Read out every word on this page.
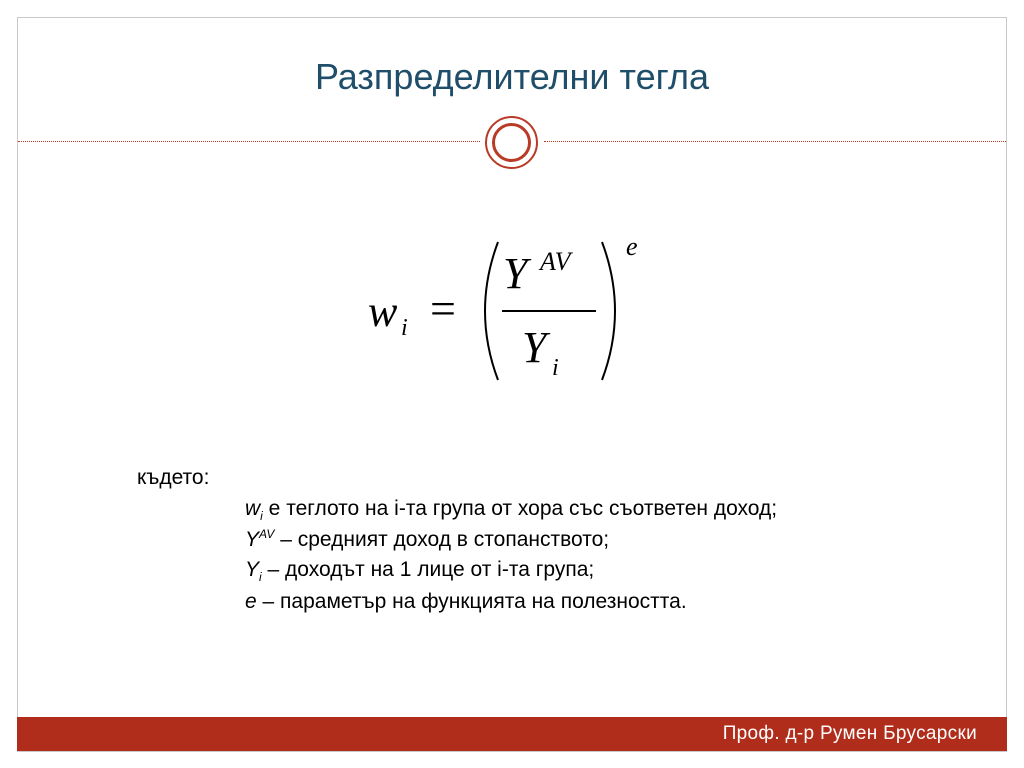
Разпределителни тегла
w i =
Y AV
Y i
e
където:
$w_i$ е теглото на i-та група от хора със съответен доход;
$Y^{AV}$ – средният доход в стопанството;
$Y_i$ – доходът на 1 лице от i-та група;
e – параметър на функцията на полезността.
Проф. д-р Румен Брусарски
